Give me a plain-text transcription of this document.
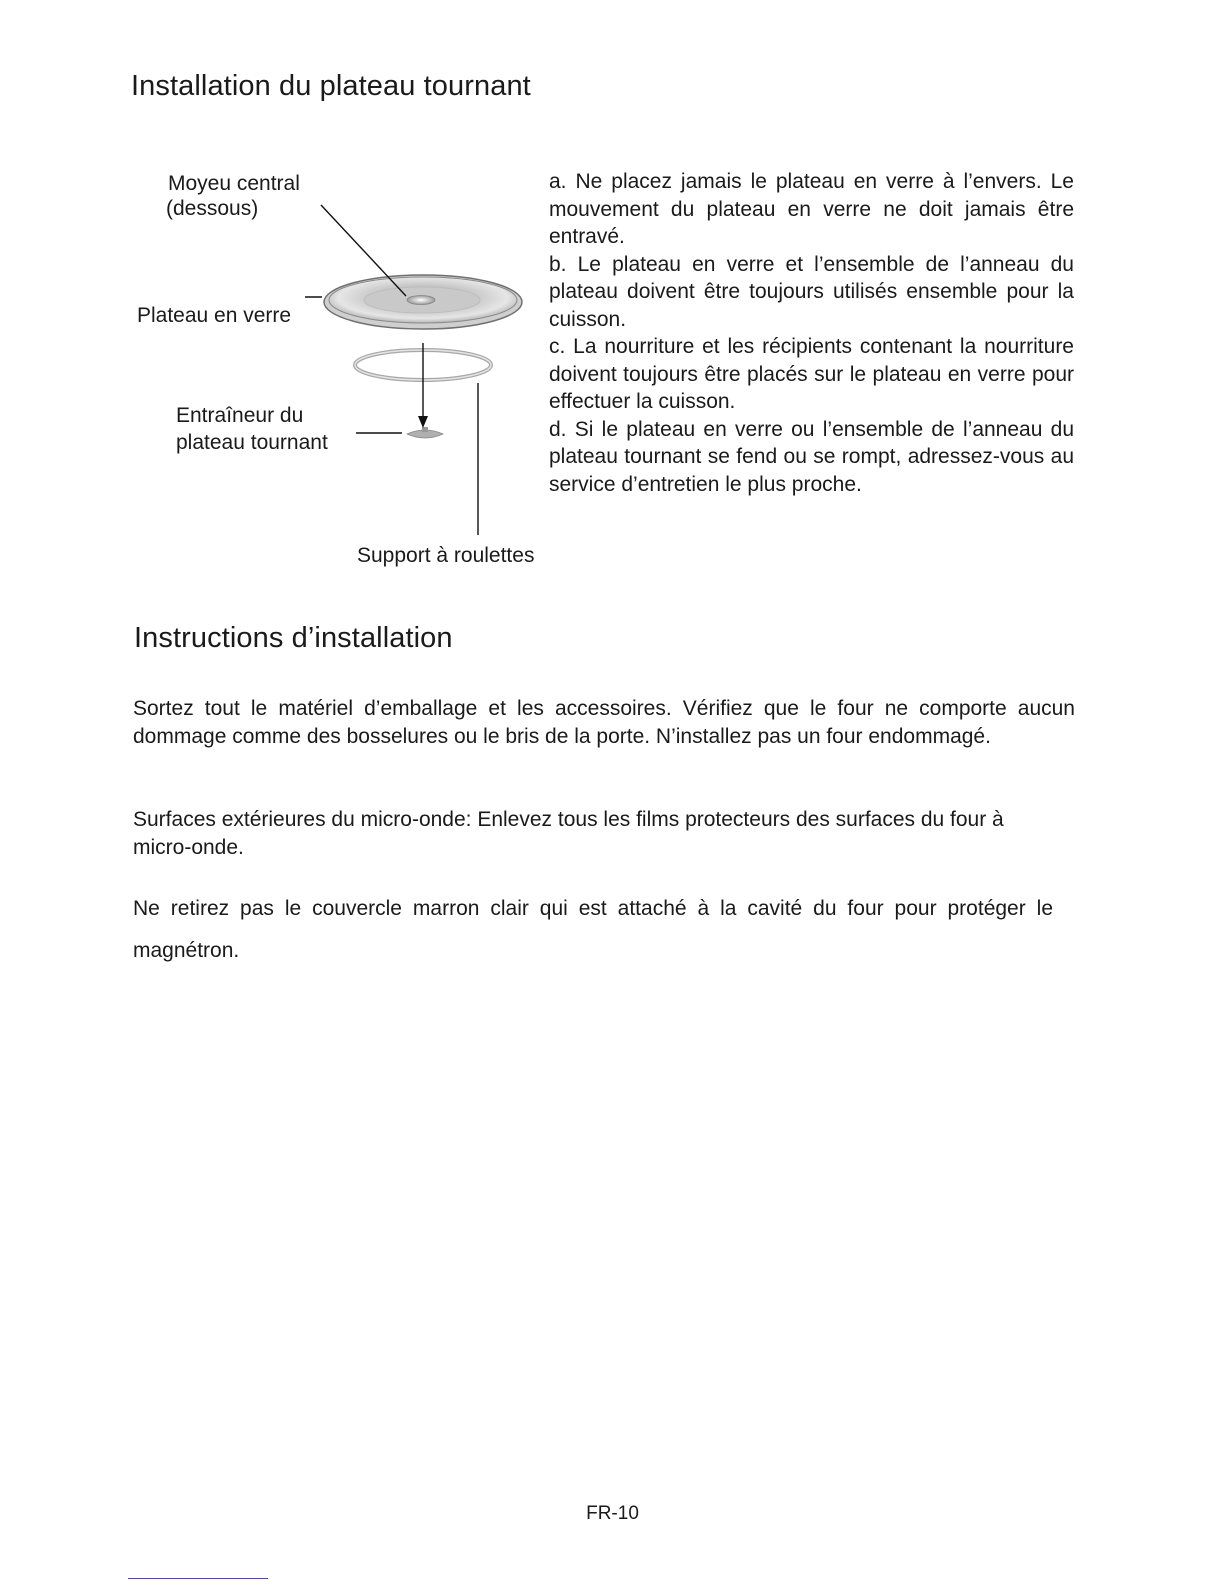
Installation du plateau tournant
Moyeu central
(dessous)
Plateau en verre
Entraîneur du
plateau tournant
Support à roulettes

a. Ne placez jamais le plateau en verre à l’envers. Le mouvement du plateau en verre ne doit jamais être entravé.

b. Le plateau en verre et l’ensemble de l’anneau du plateau doivent être toujours utilisés ensemble pour la cuisson.

c. La nourriture et les récipients contenant la nourriture doivent toujours être placés sur le plateau en verre pour effectuer la cuisson.

d. Si le plateau en verre ou l’ensemble de l’anneau du plateau tournant se fend ou se rompt, adressez-vous au service d’entretien le plus proche.

Instructions d’installation

Sortez tout le matériel d’emballage et les accessoires. Vérifiez que le four ne comporte aucun dommage comme des bosselures ou le bris de la porte. N’installez pas un four endommagé.

Surfaces extérieures du micro-onde: Enlevez tous les films protecteurs des surfaces du four à micro-onde.

Ne retirez pas le couvercle marron clair qui est attaché à la cavité du four pour protéger le magnétron.

FR-10
